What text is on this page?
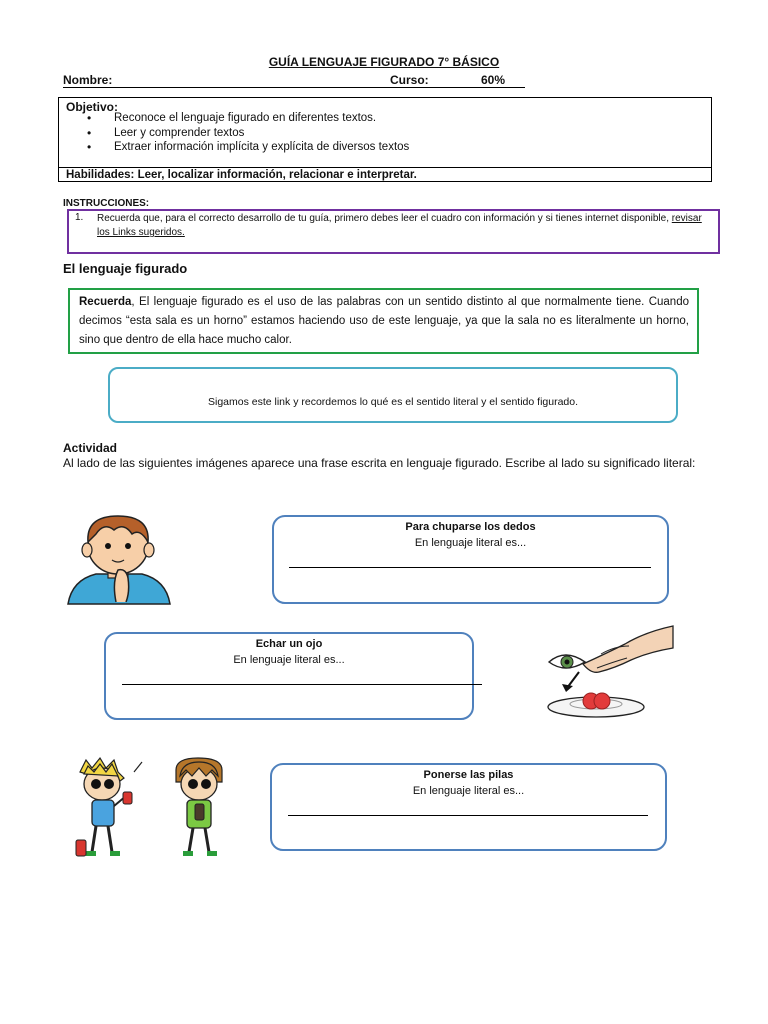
GUÍA LENGUAJE FIGURADO 7° BÁSICO
Nombre:	Curso:	60%
Objetivo:
• Reconoce el lenguaje figurado en diferentes textos.
• Leer y comprender textos
• Extraer información implícita y explícita de diversos textos
Habilidades: Leer, localizar información, relacionar e interpretar.
INSTRUCCIONES:
1. Recuerda que, para el correcto desarrollo de tu guía, primero debes leer el cuadro con información y si tienes internet disponible, revisar los Links sugeridos.
El lenguaje figurado

Recuerda, El lenguaje figurado es el uso de las palabras con un sentido distinto al que normalmente tiene. Cuando decimos “esta sala es un horno” estamos haciendo uso de este lenguaje, ya que la sala no es literalmente un horno, sino que dentro de ella hace mucho calor.

Sigamos este link y recordemos lo qué es el sentido literal y el sentido figurado.
Actividad
Al lado de las siguientes imágenes aparece una frase escrita en lenguaje figurado. Escribe al lado su significado literal:
Para chuparse los dedos
En lenguaje literal es...
Echar un ojo
En lenguaje literal es...
Ponerse las pilas
En lenguaje literal es...
